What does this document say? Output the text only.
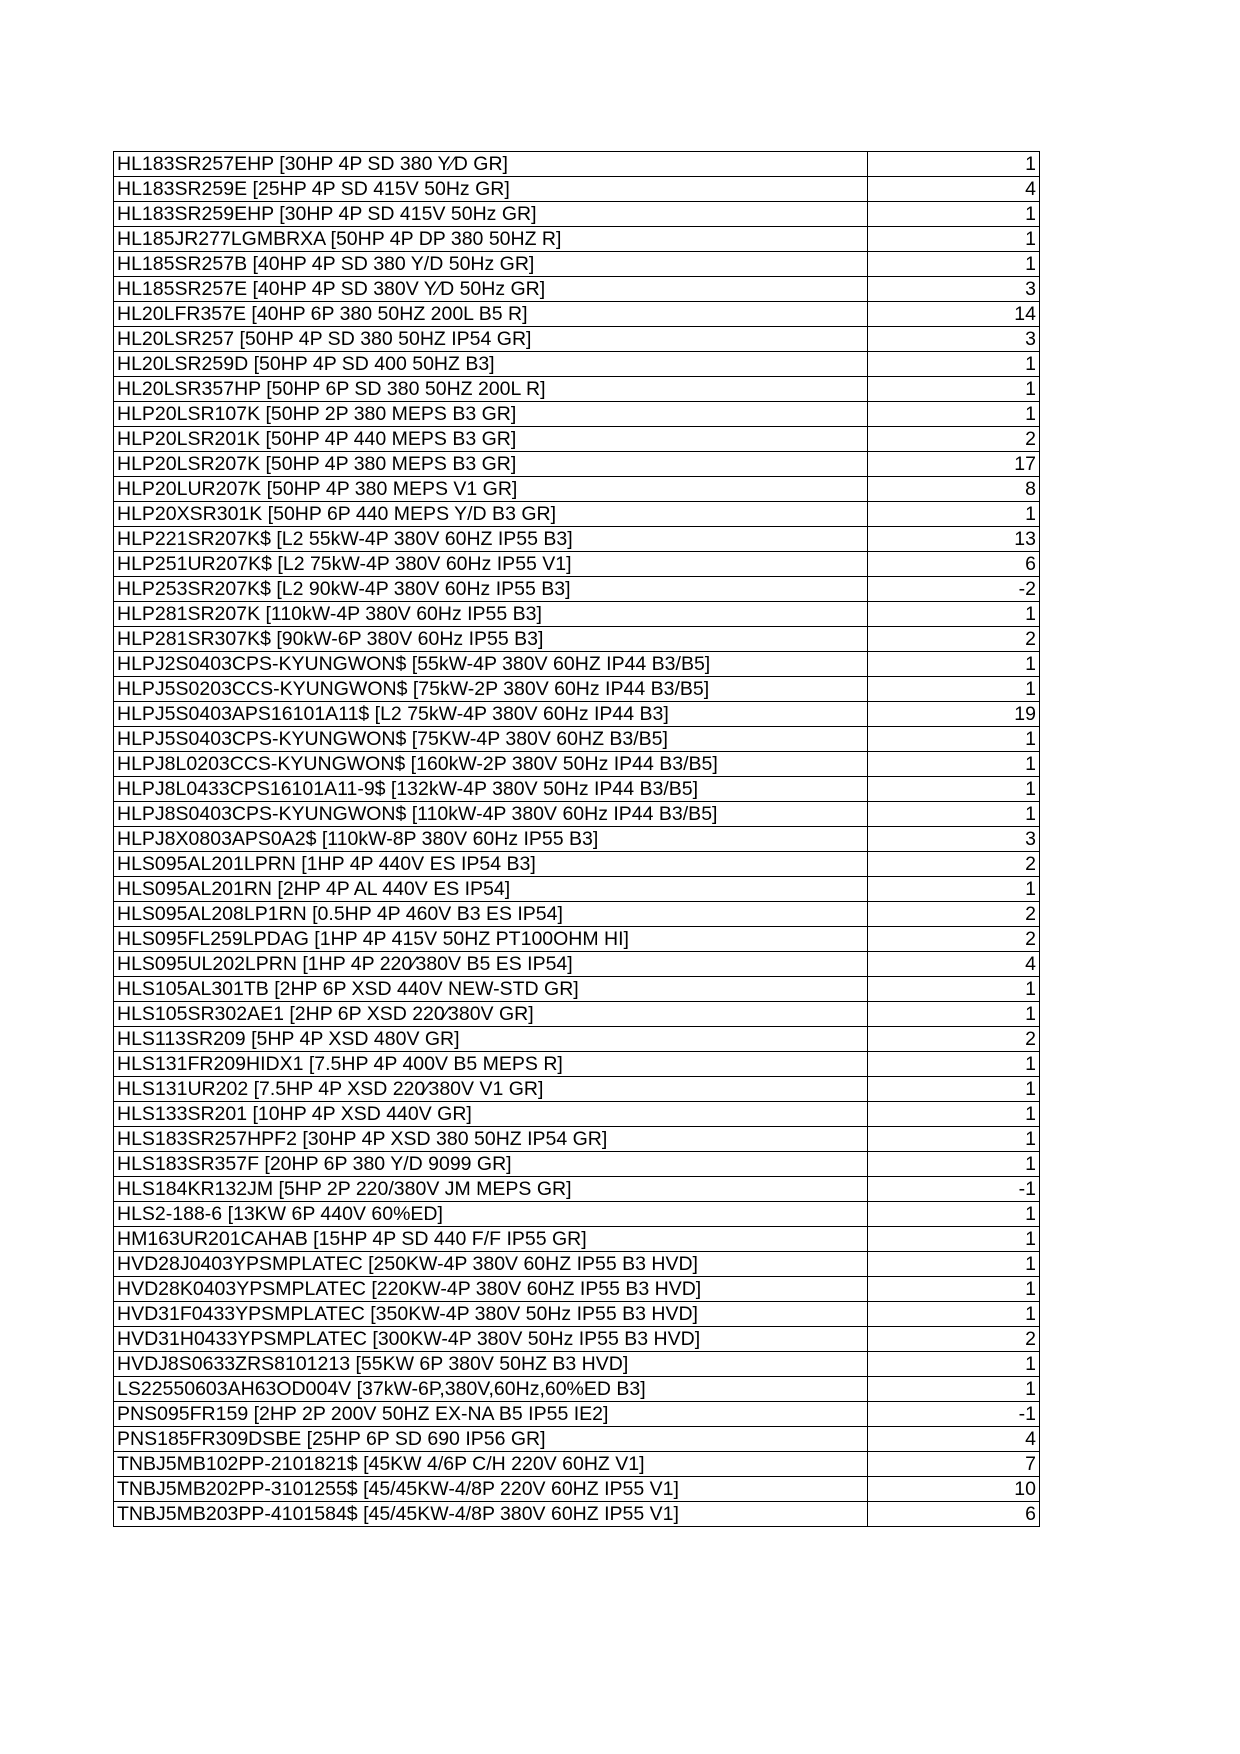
HL183SR257EHP [30HP 4P SD 380 Y∕D GR]	1
HL183SR259E [25HP 4P SD 415V 50Hz GR]	4
HL183SR259EHP [30HP 4P SD 415V 50Hz GR]	1
HL185JR277LGMBRXA [50HP 4P DP 380 50HZ R]	1
HL185SR257B [40HP 4P SD 380 Y/D 50Hz GR]	1
HL185SR257E [40HP 4P SD 380V Y∕D 50Hz GR]	3
HL20LFR357E [40HP 6P 380 50HZ 200L B5 R]	14
HL20LSR257 [50HP 4P SD 380 50HZ IP54 GR]	3
HL20LSR259D [50HP 4P SD 400 50HZ B3]	1
HL20LSR357HP [50HP 6P SD 380 50HZ 200L R]	1
HLP20LSR107K [50HP 2P 380 MEPS B3 GR]	1
HLP20LSR201K [50HP 4P 440 MEPS B3 GR]	2
HLP20LSR207K [50HP 4P 380 MEPS B3 GR]	17
HLP20LUR207K [50HP 4P 380 MEPS V1 GR]	8
HLP20XSR301K [50HP 6P 440 MEPS Y/D B3 GR]	1
HLP221SR207K$ [L2 55kW-4P 380V 60HZ IP55 B3]	13
HLP251UR207K$ [L2 75kW-4P 380V 60Hz IP55 V1]	6
HLP253SR207K$ [L2 90kW-4P 380V 60Hz IP55 B3]	-2
HLP281SR207K [110kW-4P 380V 60Hz IP55 B3]	1
HLP281SR307K$ [90kW-6P 380V 60Hz IP55 B3]	2
HLPJ2S0403CPS-KYUNGWON$ [55kW-4P 380V 60HZ IP44 B3/B5]	1
HLPJ5S0203CCS-KYUNGWON$ [75kW-2P 380V 60Hz IP44 B3/B5]	1
HLPJ5S0403APS16101A11$ [L2 75kW-4P 380V 60Hz IP44 B3]	19
HLPJ5S0403CPS-KYUNGWON$ [75KW-4P 380V 60HZ B3/B5]	1
HLPJ8L0203CCS-KYUNGWON$ [160kW-2P 380V 50Hz IP44 B3/B5]	1
HLPJ8L0433CPS16101A11-9$ [132kW-4P 380V 50Hz IP44 B3/B5]	1
HLPJ8S0403CPS-KYUNGWON$ [110kW-4P 380V 60Hz IP44 B3/B5]	1
HLPJ8X0803APS0A2$ [110kW-8P 380V 60Hz IP55 B3]	3
HLS095AL201LPRN [1HP 4P 440V ES IP54 B3]	2
HLS095AL201RN [2HP 4P AL 440V ES IP54]	1
HLS095AL208LP1RN [0.5HP 4P 460V B3 ES IP54]	2
HLS095FL259LPDAG [1HP 4P 415V 50HZ PT100OHM HI]	2
HLS095UL202LPRN [1HP 4P 220∕380V B5 ES IP54]	4
HLS105AL301TB [2HP 6P XSD 440V NEW-STD GR]	1
HLS105SR302AE1 [2HP 6P XSD 220∕380V GR]	1
HLS113SR209 [5HP 4P XSD 480V GR]	2
HLS131FR209HIDX1 [7.5HP 4P 400V B5 MEPS R]	1
HLS131UR202 [7.5HP 4P XSD 220∕380V V1 GR]	1
HLS133SR201 [10HP 4P XSD 440V GR]	1
HLS183SR257HPF2 [30HP 4P XSD 380 50HZ IP54 GR]	1
HLS183SR357F [20HP 6P 380 Y/D 9099 GR]	1
HLS184KR132JM [5HP 2P 220/380V JM MEPS GR]	-1
HLS2-188-6 [13KW 6P 440V 60%ED]	1
HM163UR201CAHAB [15HP 4P SD 440 F/F IP55 GR]	1
HVD28J0403YPSMPLATEC [250KW-4P 380V 60HZ IP55 B3 HVD]	1
HVD28K0403YPSMPLATEC [220KW-4P 380V 60HZ IP55 B3 HVD]	1
HVD31F0433YPSMPLATEC [350KW-4P 380V 50Hz IP55 B3 HVD]	1
HVD31H0433YPSMPLATEC [300KW-4P 380V 50Hz IP55 B3 HVD]	2
HVDJ8S0633ZRS8101213 [55KW 6P 380V 50HZ B3 HVD]	1
LS22550603AH63OD004V [37kW-6P,380V,60Hz,60%ED B3]	1
PNS095FR159 [2HP 2P 200V 50HZ EX-NA B5 IP55 IE2]	-1
PNS185FR309DSBE [25HP 6P SD 690 IP56 GR]	4
TNBJ5MB102PP-2101821$ [45KW 4/6P C/H 220V 60HZ V1]	7
TNBJ5MB202PP-3101255$ [45/45KW-4/8P 220V 60HZ IP55 V1]	10
TNBJ5MB203PP-4101584$ [45/45KW-4/8P 380V 60HZ IP55 V1]	6
